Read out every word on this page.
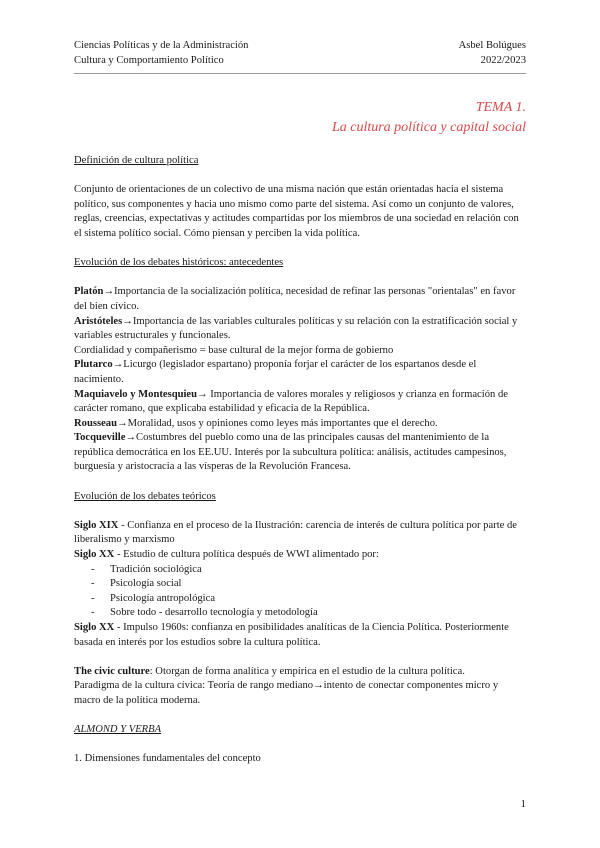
Ciencias Políticas y de la Administración	Asbel Bolúgues
Cultura y Comportamiento Político	2022/2023
TEMA 1.
La cultura política y capital social

Definición de cultura política

Conjunto de orientaciones de un colectivo de una misma nación que están orientadas hacia el sistema político, sus componentes y hacia uno mismo como parte del sistema. Así como un conjunto de valores, reglas, creencias, expectativas y actitudes compartidas por los miembros de una sociedad en relación con el sistema político social. Cómo piensan y perciben la vida política.

Evolución de los debates históricos: antecedentes

Platón→Importancia de la socialización política, necesidad de refinar las personas "orientalas" en favor del bien cívico.

Aristóteles→Importancia de las variables culturales políticas y su relación con la estratificación social y variables estructurales y funcionales.

Cordialidad y compañerismo = base cultural de la mejor forma de gobierno

Plutarco→Licurgo (legislador espartano) proponía forjar el carácter de los espartanos desde el nacimiento.

Maquiavelo y Montesquieu→ Importancia de valores morales y religiosos y crianza en formación de carácter romano, que explicaba estabilidad y eficacia de la República.

Rousseau→Moralidad, usos y opiniones como leyes más importantes que el derecho.

Tocqueville→Costumbres del pueblo como una de las principales causas del mantenimiento de la república democrática en los EE.UU. Interés por la subcultura política: análisis, actitudes campesinos, burguesía y aristocracia a las vísperas de la Revolución Francesa.

Evolución de los debates teóricos

Siglo XIX - Confianza en el proceso de la Ilustración: carencia de interés de cultura política por parte de liberalismo y marxismo

Siglo XX - Estudio de cultura política después de WWI alimentado por:

- Tradición sociológica
- Psicología social
- Psicología antropológica
- Sobre todo - desarrollo tecnología y metodología

Siglo XX - Impulso 1960s: confianza en posibilidades analíticas de la Ciencia Política. Posteriormente basada en interés por los estudios sobre la cultura política.

The civic culture: Otorgan de forma analítica y empírica en el estudio de la cultura política.

Paradigma de la cultura cívica: Teoría de rango mediano→intento de conectar componentes micro y macro de la política moderna.

ALMOND Y VERBA

1. Dimensiones fundamentales del concepto

1
